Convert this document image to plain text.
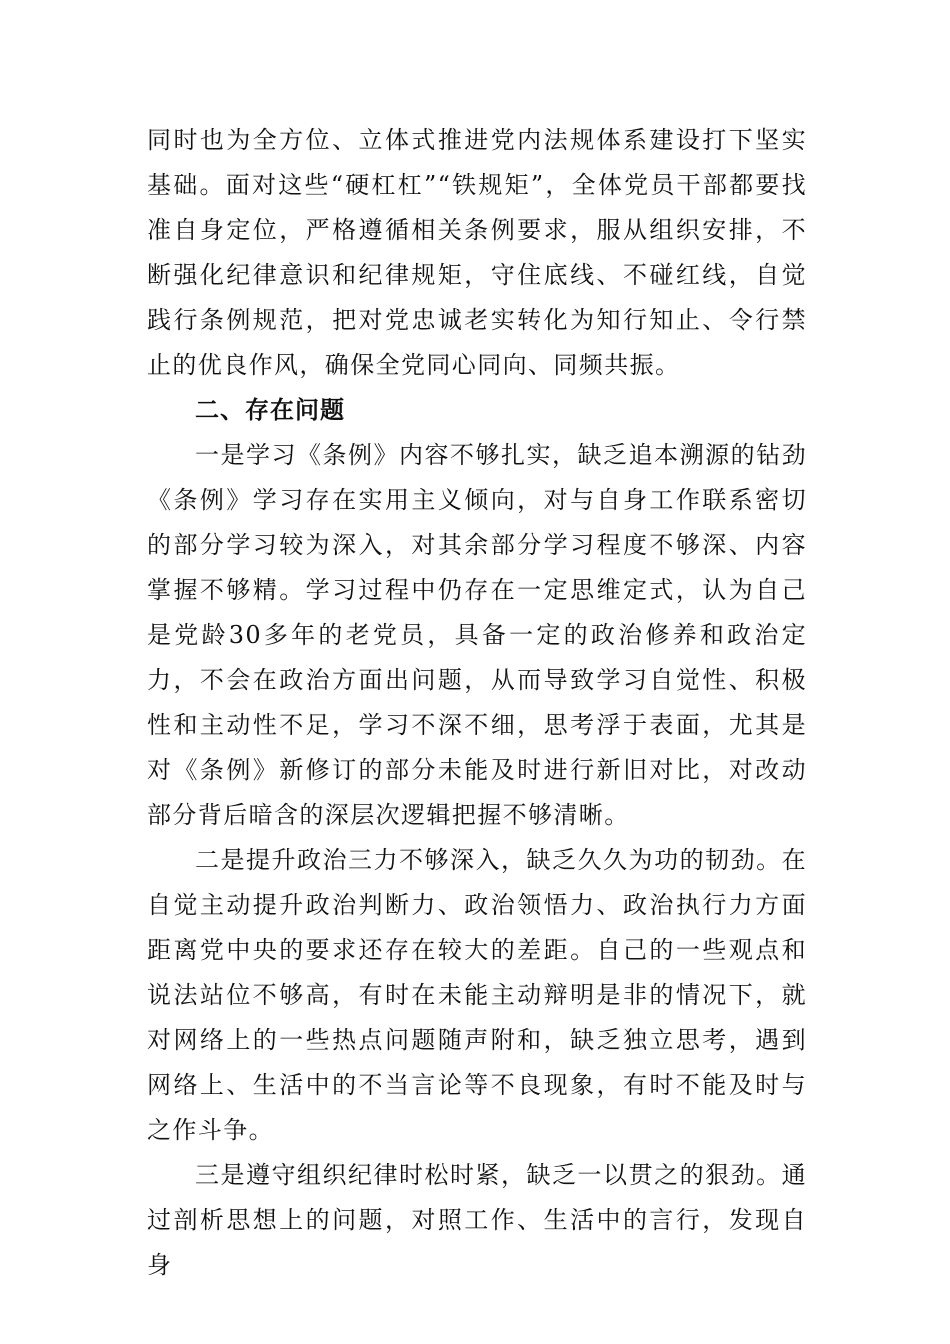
同时也为全方位、立体式推进党内法规体系建设打下坚实基础。面对这些“硬杠杠”“铁规矩”，全体党员干部都要找准自身定位，严格遵循相关条例要求，服从组织安排，不断强化纪律意识和纪律规矩，守住底线、不碰红线，自觉践行条例规范，把对党忠诚老实转化为知行知止、令行禁止的优良作风，确保全党同心同向、同频共振。

二、存在问题

一是学习《条例》内容不够扎实，缺乏追本溯源的钻劲《条例》学习存在实用主义倾向，对与自身工作联系密切的部分学习较为深入，对其余部分学习程度不够深、内容掌握不够精。学习过程中仍存在一定思维定式，认为自己是党龄30多年的老党员，具备一定的政治修养和政治定力，不会在政治方面出问题，从而导致学习自觉性、积极性和主动性不足，学习不深不细，思考浮于表面，尤其是对《条例》新修订的部分未能及时进行新旧对比，对改动部分背后暗含的深层次逻辑把握不够清晰。

二是提升政治三力不够深入，缺乏久久为功的韧劲。在自觉主动提升政治判断力、政治领悟力、政治执行力方面距离党中央的要求还存在较大的差距。自己的一些观点和说法站位不够高，有时在未能主动辩明是非的情况下，就对网络上的一些热点问题随声附和，缺乏独立思考，遇到网络上、生活中的不当言论等不良现象，有时不能及时与之作斗争。

三是遵守组织纪律时松时紧，缺乏一以贯之的狠劲。通过剖析思想上的问题，对照工作、生活中的言行，发现自身
